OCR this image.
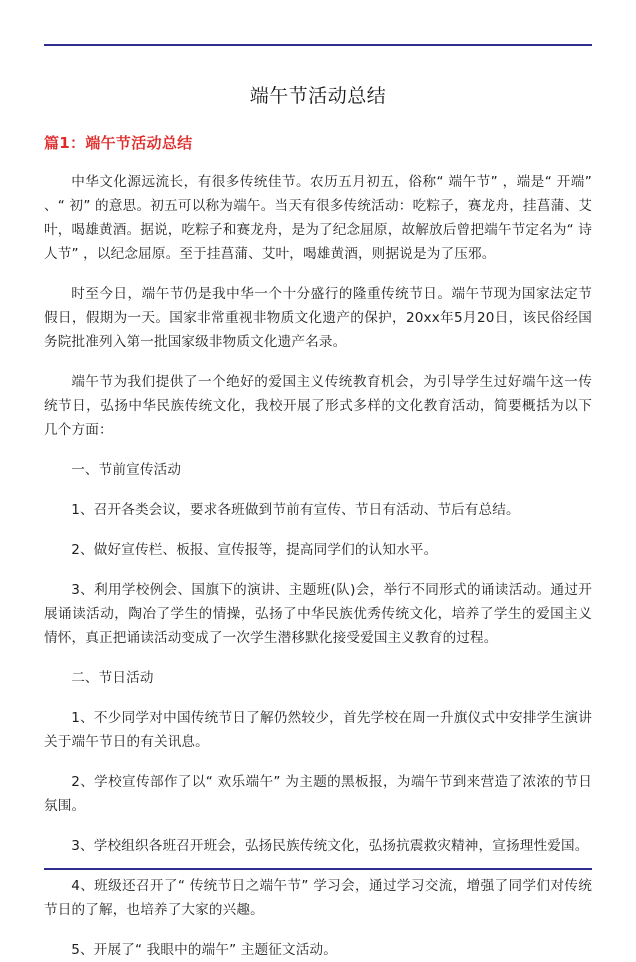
端午节活动总结
篇1：端午节活动总结

中华文化源远流长，有很多传统佳节。农历五月初五，俗称“ 端午节” ，端是“ 开端” 、“ 初” 的意思。初五可以称为端午。当天有很多传统活动：吃粽子，赛龙舟，挂菖蒲、艾叶，喝雄黄酒。据说，吃粽子和赛龙舟，是为了纪念屈原，故解放后曾把端午节定名为“ 诗人节” ，以纪念屈原。至于挂菖蒲、艾叶，喝雄黄酒，则据说是为了压邪。

时至今日，端午节仍是我中华一个十分盛行的隆重传统节日。端午节现为国家法定节假日，假期为一天。国家非常重视非物质文化遗产的保护，20xx年5月20日，该民俗经国务院批准列入第一批国家级非物质文化遗产名录。

端午节为我们提供了一个绝好的爱国主义传统教育机会，为引导学生过好端午这一传统节日，弘扬中华民族传统文化，我校开展了形式多样的文化教育活动，简要概括为以下几个方面：

一、节前宣传活动

1、召开各类会议，要求各班做到节前有宣传、节日有活动、节后有总结。

2、做好宣传栏、板报、宣传报等，提高同学们的认知水平。

3、利用学校例会、国旗下的演讲、主题班(队)会，举行不同形式的诵读活动。通过开展诵读活动，陶冶了学生的情操，弘扬了中华民族优秀传统文化，培养了学生的爱国主义情怀，真正把诵读活动变成了一次学生潜移默化接受爱国主义教育的过程。

二、节日活动

1、不少同学对中国传统节日了解仍然较少，首先学校在周一升旗仪式中安排学生演讲关于端午节日的有关讯息。

2、学校宣传部作了以“ 欢乐端午” 为主题的黑板报，为端午节到来营造了浓浓的节日氛围。

3、学校组织各班召开班会，弘扬民族传统文化，弘扬抗震救灾精神，宣扬理性爱国。

4、班级还召开了“ 传统节日之端午节” 学习会，通过学习交流，增强了同学们对传统节日的了解，也培养了大家的兴趣。

5、开展了“ 我眼中的端午” 主题征文活动。
